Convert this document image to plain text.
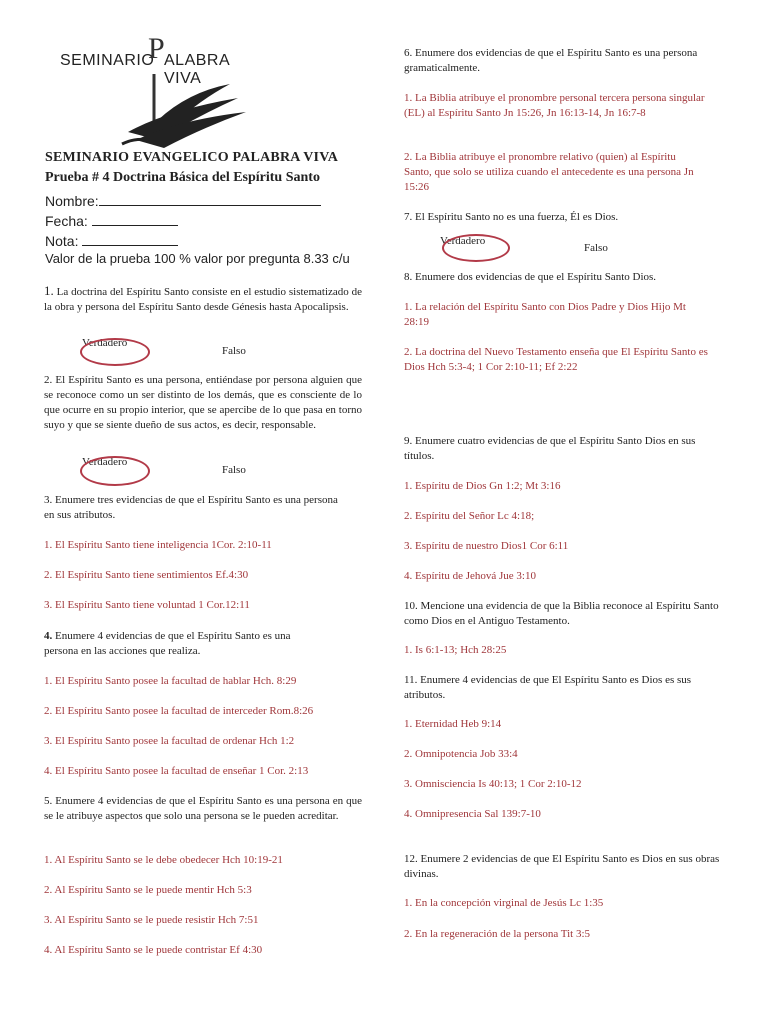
SEMINARIO
P ALABRA VIVA
SEMINARIO EVANGELICO PALABRA VIVA
Prueba # 4 Doctrina Básica del Espíritu Santo
Nombre:
Fecha:
Nota:
Valor de la prueba 100 % valor por pregunta 8.33 c/u

1. La doctrina del Espíritu Santo consiste en el estudio sistematizado de la obra y persona del Espíritu Santo desde Génesis hasta Apocalipsis.

Verdadero
Falso

2. El Espíritu Santo es una persona, entiéndase por persona alguien que se reconoce como un ser distinto de los demás, que es consciente de lo que ocurre en su propio interior, que se apercibe de lo que pasa en torno suyo y que se siente dueño de sus actos, es decir, responsable.

Verdadero
Falso

3. Enumere tres evidencias de que el Espíritu Santo es una persona en sus atributos.

1. El Espíritu Santo tiene inteligencia 1Cor. 2:10-11
2. El Espíritu Santo tiene sentimientos Ef.4:30
3. El Espíritu Santo tiene voluntad 1 Cor.12:11

4. Enumere 4 evidencias de que el Espíritu Santo es una persona en las acciones que realiza.

1. El Espíritu Santo posee la facultad de hablar Hch. 8:29
2. El Espíritu Santo posee la facultad de interceder Rom.8:26
3. El Espíritu Santo posee la facultad de ordenar Hch 1:2
4. El Espíritu Santo posee la facultad de enseñar 1 Cor. 2:13

5. Enumere 4 evidencias de que el Espíritu Santo es una persona en que se le atribuye aspectos que solo una persona se le pueden acreditar.

1. Al Espíritu Santo se le debe obedecer Hch 10:19-21
2. Al Espíritu Santo se le puede mentir Hch 5:3
3. Al Espíritu Santo se le puede resistir Hch 7:51
4. Al Espíritu Santo se le puede contristar Ef 4:30

6. Enumere dos evidencias de que el Espíritu Santo es una persona gramaticalmente.

1. La Biblia atribuye el pronombre personal tercera persona singular (EL) al Espíritu Santo Jn 15:26, Jn 16:13-14, Jn 16:7-8

2. La Biblia atribuye el pronombre relativo (quien) al Espíritu Santo, que solo se utiliza cuando el antecedente es una persona Jn 15:26

7. El Espíritu Santo no es una fuerza, Él es Dios.
Verdadero
Falso
8. Enumere dos evidencias de que el Espíritu Santo Dios.

1. La relación del Espíritu Santo con Dios Padre y Dios Hijo Mt 28:19

2. La doctrina del Nuevo Testamento enseña que El Espíritu Santo es Dios Hch 5:3-4; 1 Cor 2:10-11; Ef 2:22

9. Enumere cuatro evidencias de que el Espíritu Santo Dios en sus títulos.

1. Espíritu de Dios Gn 1:2; Mt 3:16
2. Espíritu del Señor Lc 4:18;
3. Espíritu de nuestro Dios1 Cor 6:11
4. Espíritu de Jehová Jue 3:10

10. Mencione una evidencia de que la Biblia reconoce al Espíritu Santo como Dios en el Antiguo Testamento.

1. Is 6:1-13; Hch 28:25

11. Enumere 4 evidencias de que El Espíritu Santo es Dios es sus atributos.

1. Eternidad Heb 9:14
2. Omnipotencia Job 33:4
3. Omnisciencia Is 40:13; 1 Cor 2:10-12
4. Omnipresencia Sal 139:7-10

12. Enumere 2 evidencias de que El Espíritu Santo es Dios en sus obras divinas.

1. En la concepción virginal de Jesús Lc 1:35
2. En la regeneración de la persona Tit 3:5
